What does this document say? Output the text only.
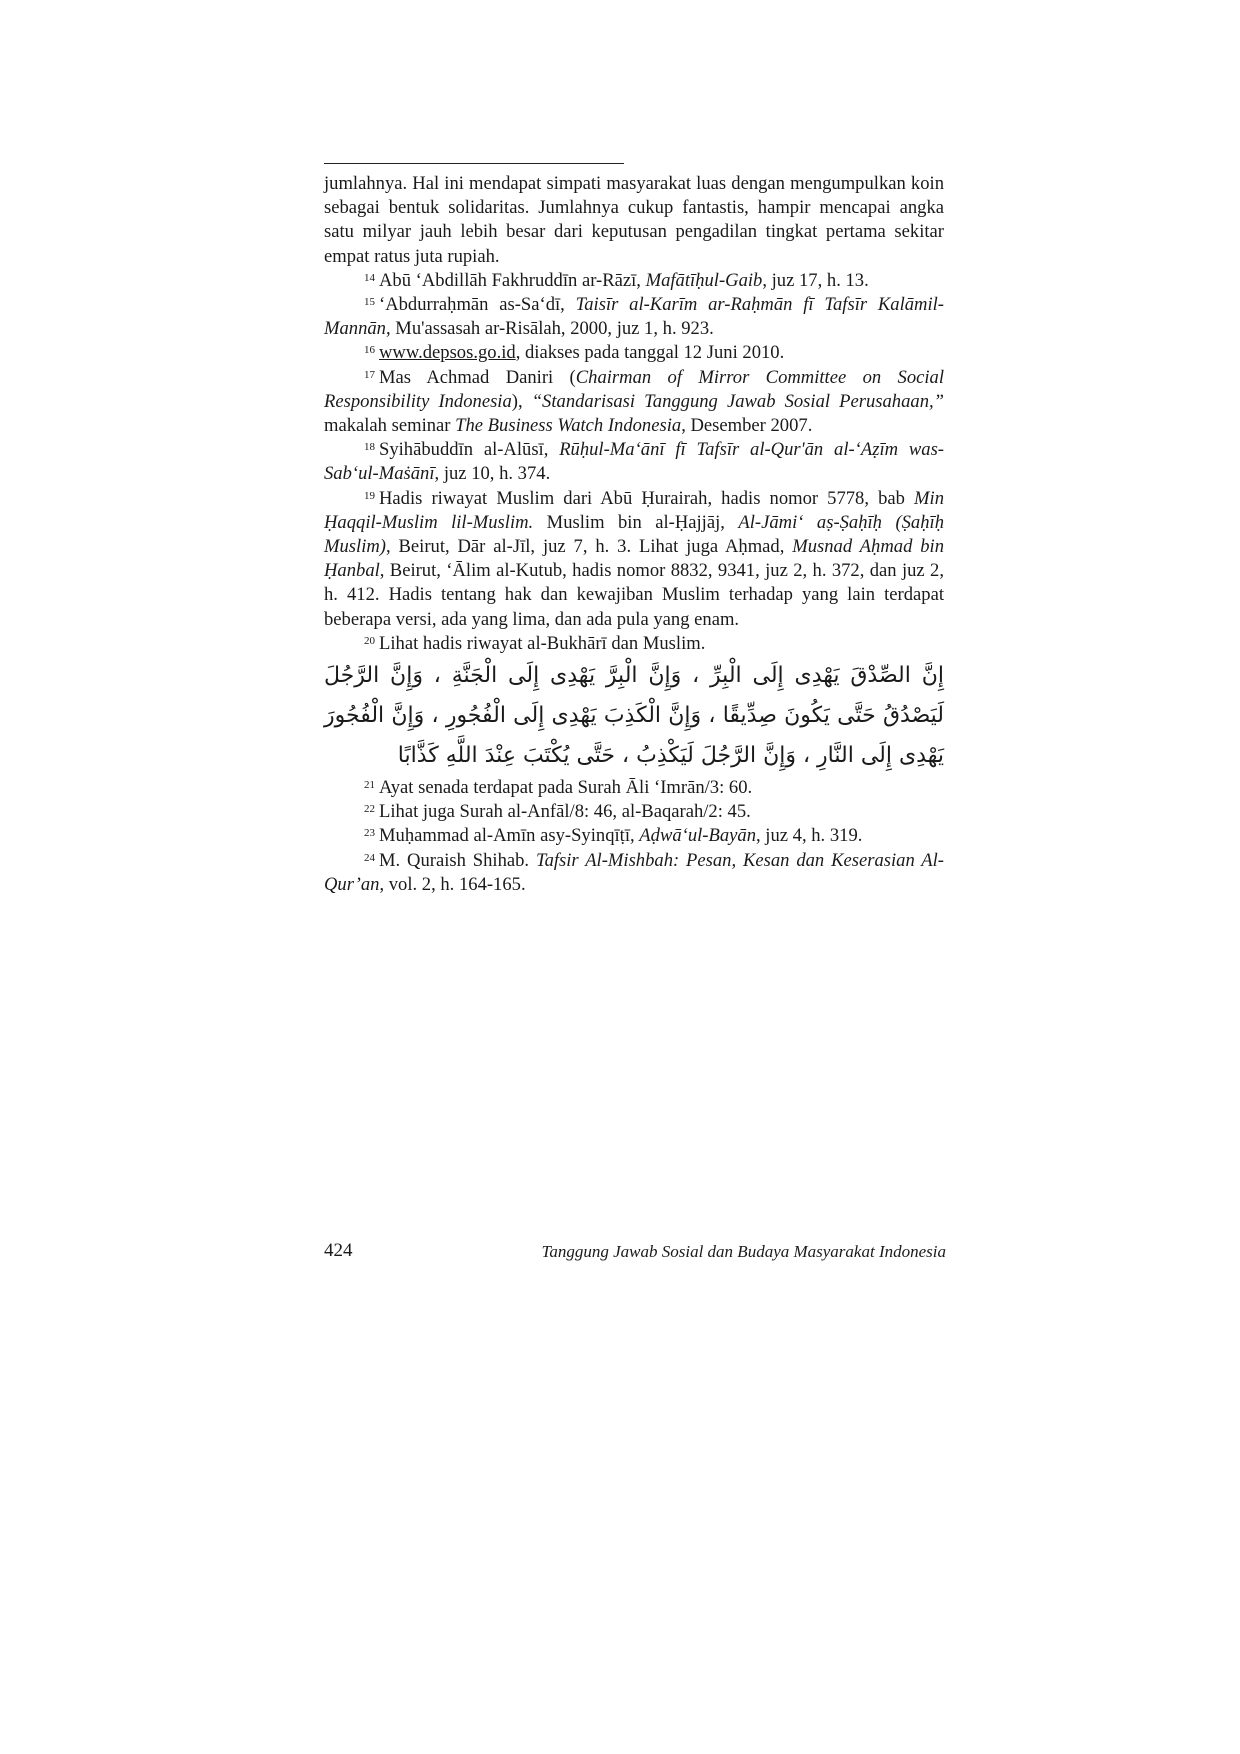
jumlahnya. Hal ini mendapat simpati masyarakat luas dengan mengumpulkan koin sebagai bentuk solidaritas. Jumlahnya cukup fantastis, hampir mencapai angka satu milyar jauh lebih besar dari keputusan pengadilan tingkat pertama sekitar empat ratus juta rupiah.

$^{14}$ Abū ‘Abdillāh Fakhruddīn ar-Rāzī, Mafātīḥul-Gaib, juz 17, h. 13.

$^{15}$ ‘Abdurraḥmān as-Sa‘dī, Taisīr al-Karīm ar-Raḥmān fī Tafsīr Kalāmil-Mannān, Mu'assasah ar-Risālah, 2000, juz 1, h. 923.

$^{16}$ www.depsos.go.id, diakses pada tanggal 12 Juni 2010.

$^{17}$ Mas Achmad Daniri (Chairman of Mirror Committee on Social Responsibility Indonesia), “Standarisasi Tanggung Jawab Sosial Perusahaan,” makalah seminar The Business Watch Indonesia, Desember 2007.

$^{18}$ Syihābuddīn al-Alūsī, Rūḥul-Ma‘ānī fī Tafsīr al-Qur'ān al-‘Aẓīm was-Sab‘ul-Maṡānī, juz 10, h. 374.

$^{19}$ Hadis riwayat Muslim dari Abū Ḥurairah, hadis nomor 5778, bab Min Ḥaqqil-Muslim lil-Muslim. Muslim bin al-Ḥajjāj, Al-Jāmi‘ aṣ-Ṣaḥīḥ (Ṣaḥīḥ Muslim), Beirut, Dār al-Jīl, juz 7, h. 3. Lihat juga Aḥmad, Musnad Aḥmad bin Ḥanbal, Beirut, ‘Ālim al-Kutub, hadis nomor 8832, 9341, juz 2, h. 372, dan juz 2, h. 412. Hadis tentang hak dan kewajiban Muslim terhadap yang lain terdapat beberapa versi, ada yang lima, dan ada pula yang enam.

$^{20}$ Lihat hadis riwayat al-Bukhārī dan Muslim.

إِنَّ الصِّدْقَ يَهْدِى إِلَى الْبِرِّ ، وَإِنَّ الْبِرَّ يَهْدِى إِلَى الْجَنَّةِ ، وَإِنَّ الرَّجُلَ لَيَصْدُقُ حَتَّى يَكُونَ صِدِّيقًا ، وَإِنَّ الْكَذِبَ يَهْدِى إِلَى الْفُجُورِ ، وَإِنَّ الْفُجُورَ يَهْدِى إِلَى النَّارِ ، وَإِنَّ الرَّجُلَ لَيَكْذِبُ ، حَتَّى يُكْتَبَ عِنْدَ اللَّهِ كَذَّابًا

$^{21}$ Ayat senada terdapat pada Surah Āli ‘Imrān/3: 60.

$^{22}$ Lihat juga Surah al-Anfāl/8: 46, al-Baqarah/2: 45.

$^{23}$ Muḥammad al-Amīn asy-Syinqīṭī, Aḍwā‘ul-Bayān, juz 4, h. 319.

$^{24}$ M. Quraish Shihab. Tafsir Al-Mishbah: Pesan, Kesan dan Keserasian Al-Qur’an, vol. 2, h. 164-165.

424	Tanggung Jawab Sosial dan Budaya Masyarakat Indonesia
